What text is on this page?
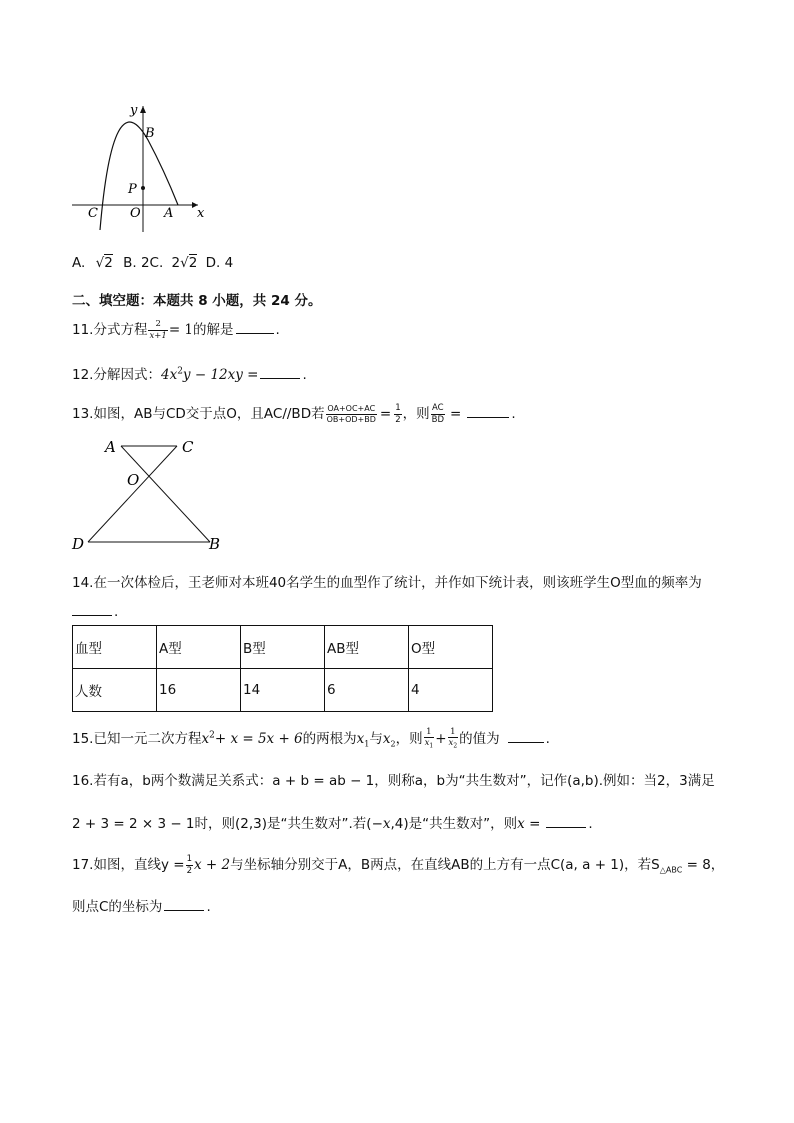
y
B
P
C O A x
A. √2 B. 2C. 2√2 D. 4
二、填空题：本题共 8 小题，共 24 分。
11.分式方程 $\frac{2}{x+1} = 1$的解是	.
12.分解因式：$4x^2y - 12xy$ =	.
13.如图，AB与CD交于点O，且AC//BD若 $\frac{OA+OC+AC}{OB+OD+BD} = \frac{1}{2}$ ，则 $\frac{AC}{BD}$ =	.
A	C
O
D	B
14.在一次体检后，王老师对本班40名学生的血型作了统计，并作如下统计表，则该班学生O型血的频率为
.
血型	A型	B型	AB型	O型
人数	16	14	6	4
15.已知一元二次方程$x^2+ x = 5x + 6$的两根为$x_1$与$x_2$，则 $\frac{1}{x_1} + \frac{1}{x_2}$ 的值为	.
16.若有a，b两个数满足关系式：a + b = ab − 1，则称a，b为“共生数对”，记作(a,b).例如：当2，3满足
2 + 3 = 2 × 3 − 1时，则(2,3)是“共生数对”.若(−x,4)是“共生数对”，则x =	.
17.如图，直线$y = \frac{1}{2}$ x + 2与坐标轴分别交于A，B两点，在直线AB的上方有一点C(a, a + 1)，若$S_{\triangle ABC} = 8$，
则点C的坐标为	.
